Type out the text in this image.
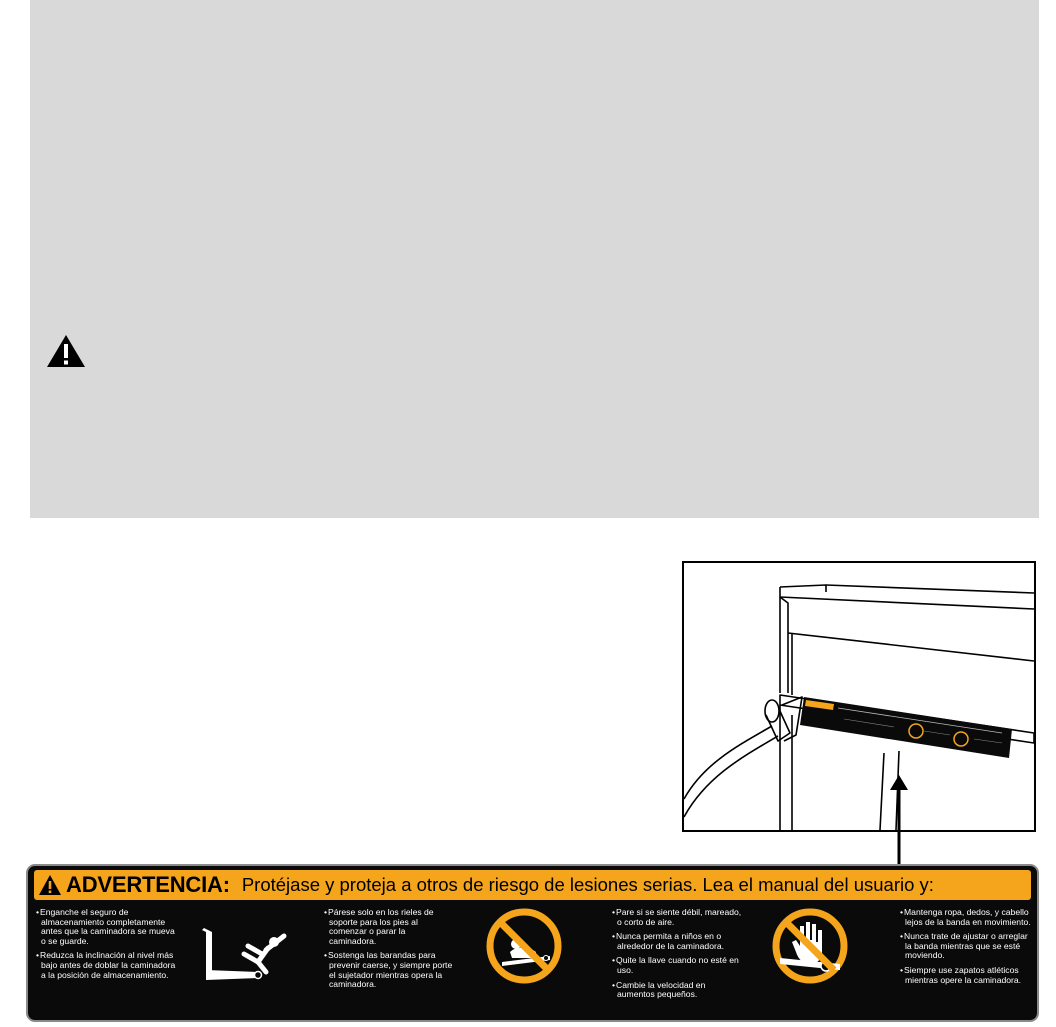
ADVERTENCIA: Protéjase y proteja a otros de riesgo de lesiones serias. Lea el manual del usuario y:

• Enganche el seguro de almacenamiento completamente antes que la caminadora se mueva o se guarde.

• Reduzca la inclinación al nivel más bajo antes de doblar la caminadora a la posición de almacenamiento.

• Párese solo en los rieles de soporte para los pies al comenzar o parar la caminadora.

• Sostenga las barandas para prevenir caerse, y siempre porte el sujetador mientras opera la caminadora.

• Pare si se siente débil, mareado, o corto de aire.

• Nunca permita a niños en o alrededor de la caminadora.

• Quite la llave cuando no esté en uso.

• Cambie la velocidad en aumentos pequeños.

• Mantenga ropa, dedos, y cabello lejos de la banda en movimiento.

• Nunca trate de ajustar o arreglar la banda mientras que se esté moviendo.

• Siempre use zapatos atléticos mientras opere la caminadora.
